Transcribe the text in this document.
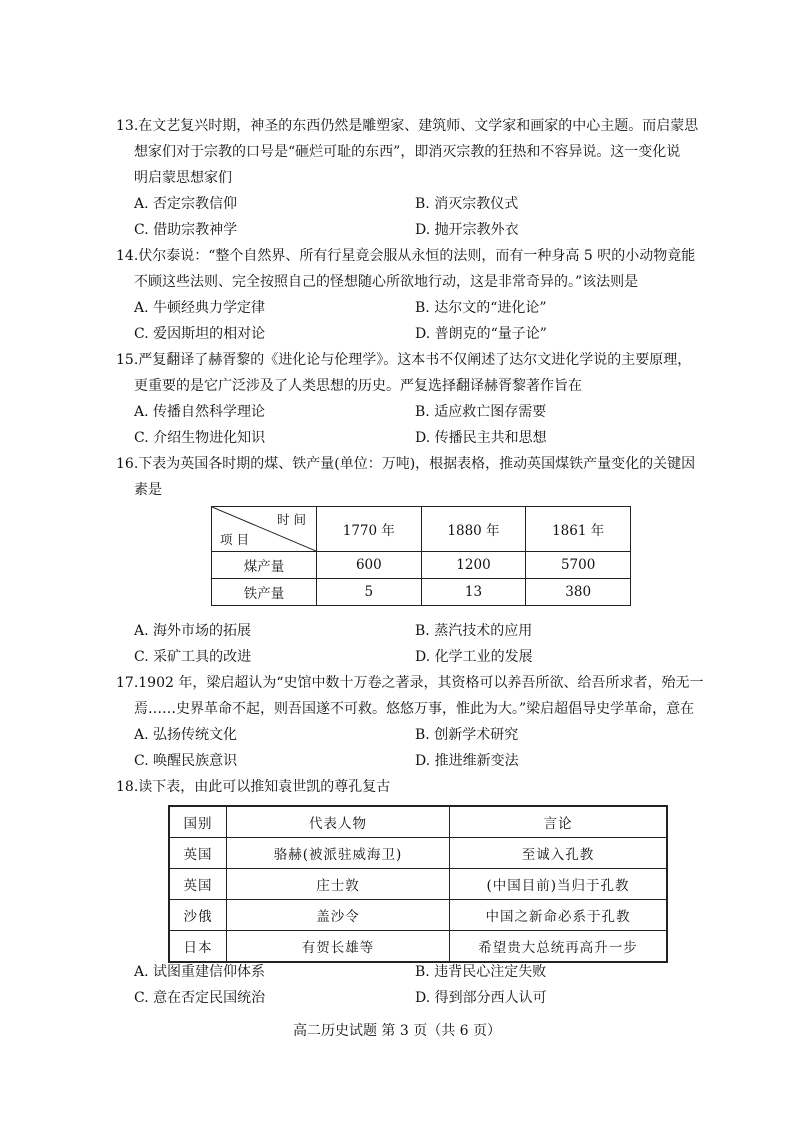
13.在文艺复兴时期，神圣的东西仍然是雕塑家、建筑师、文学家和画家的中心主题。而启蒙思
想家们对于宗教的口号是“砸烂可耻的东西”，即消灭宗教的狂热和不容异说。这一变化说
明启蒙思想家们
A. 否定宗教信仰	B. 消灭宗教仪式
C. 借助宗教神学	D. 抛开宗教外衣
14.伏尔泰说：“整个自然界、所有行星竟会服从永恒的法则，而有一种身高 5 呎的小动物竟能
不顾这些法则、完全按照自己的怪想随心所欲地行动，这是非常奇异的。”该法则是
A. 牛顿经典力学定律	B. 达尔文的“进化论”
C. 爱因斯坦的相对论	D. 普朗克的“量子论”
15.严复翻译了赫胥黎的《进化论与伦理学》。这本书不仅阐述了达尔文进化学说的主要原理，
更重要的是它广泛涉及了人类思想的历史。严复选择翻译赫胥黎著作旨在
A. 传播自然科学理论	B. 适应救亡图存需要
C. 介绍生物进化知识	D. 传播民主共和思想
16.下表为英国各时期的煤、铁产量(单位：万吨)，根据表格，推动英国煤铁产量变化的关键因
素是
时 间
项 目	1770 年	1880 年	1861 年
煤产量	600	1200	5700
铁产量	5	13	380
A. 海外市场的拓展	B. 蒸汽技术的应用
C. 采矿工具的改进	D. 化学工业的发展
17.1902 年，梁启超认为“史馆中数十万卷之著录，其资格可以养吾所欲、给吾所求者，殆无一
焉……史界革命不起，则吾国遂不可救。悠悠万事，惟此为大。”梁启超倡导史学革命，意在
A. 弘扬传统文化	B. 创新学术研究
C. 唤醒民族意识	D. 推进维新变法
18.读下表，由此可以推知袁世凯的尊孔复古
国别	代表人物	言论
英国	骆赫(被派驻威海卫)	至诚入孔教
英国	庄士敦	(中国目前)当归于孔教
沙俄	盖沙令	中国之新命必系于孔教
日本	有贺长雄等	希望贵大总统再高升一步
A. 试图重建信仰体系	B. 违背民心注定失败
C. 意在否定民国统治	D. 得到部分西人认可
高二历史试题 第 3 页（共 6 页）
